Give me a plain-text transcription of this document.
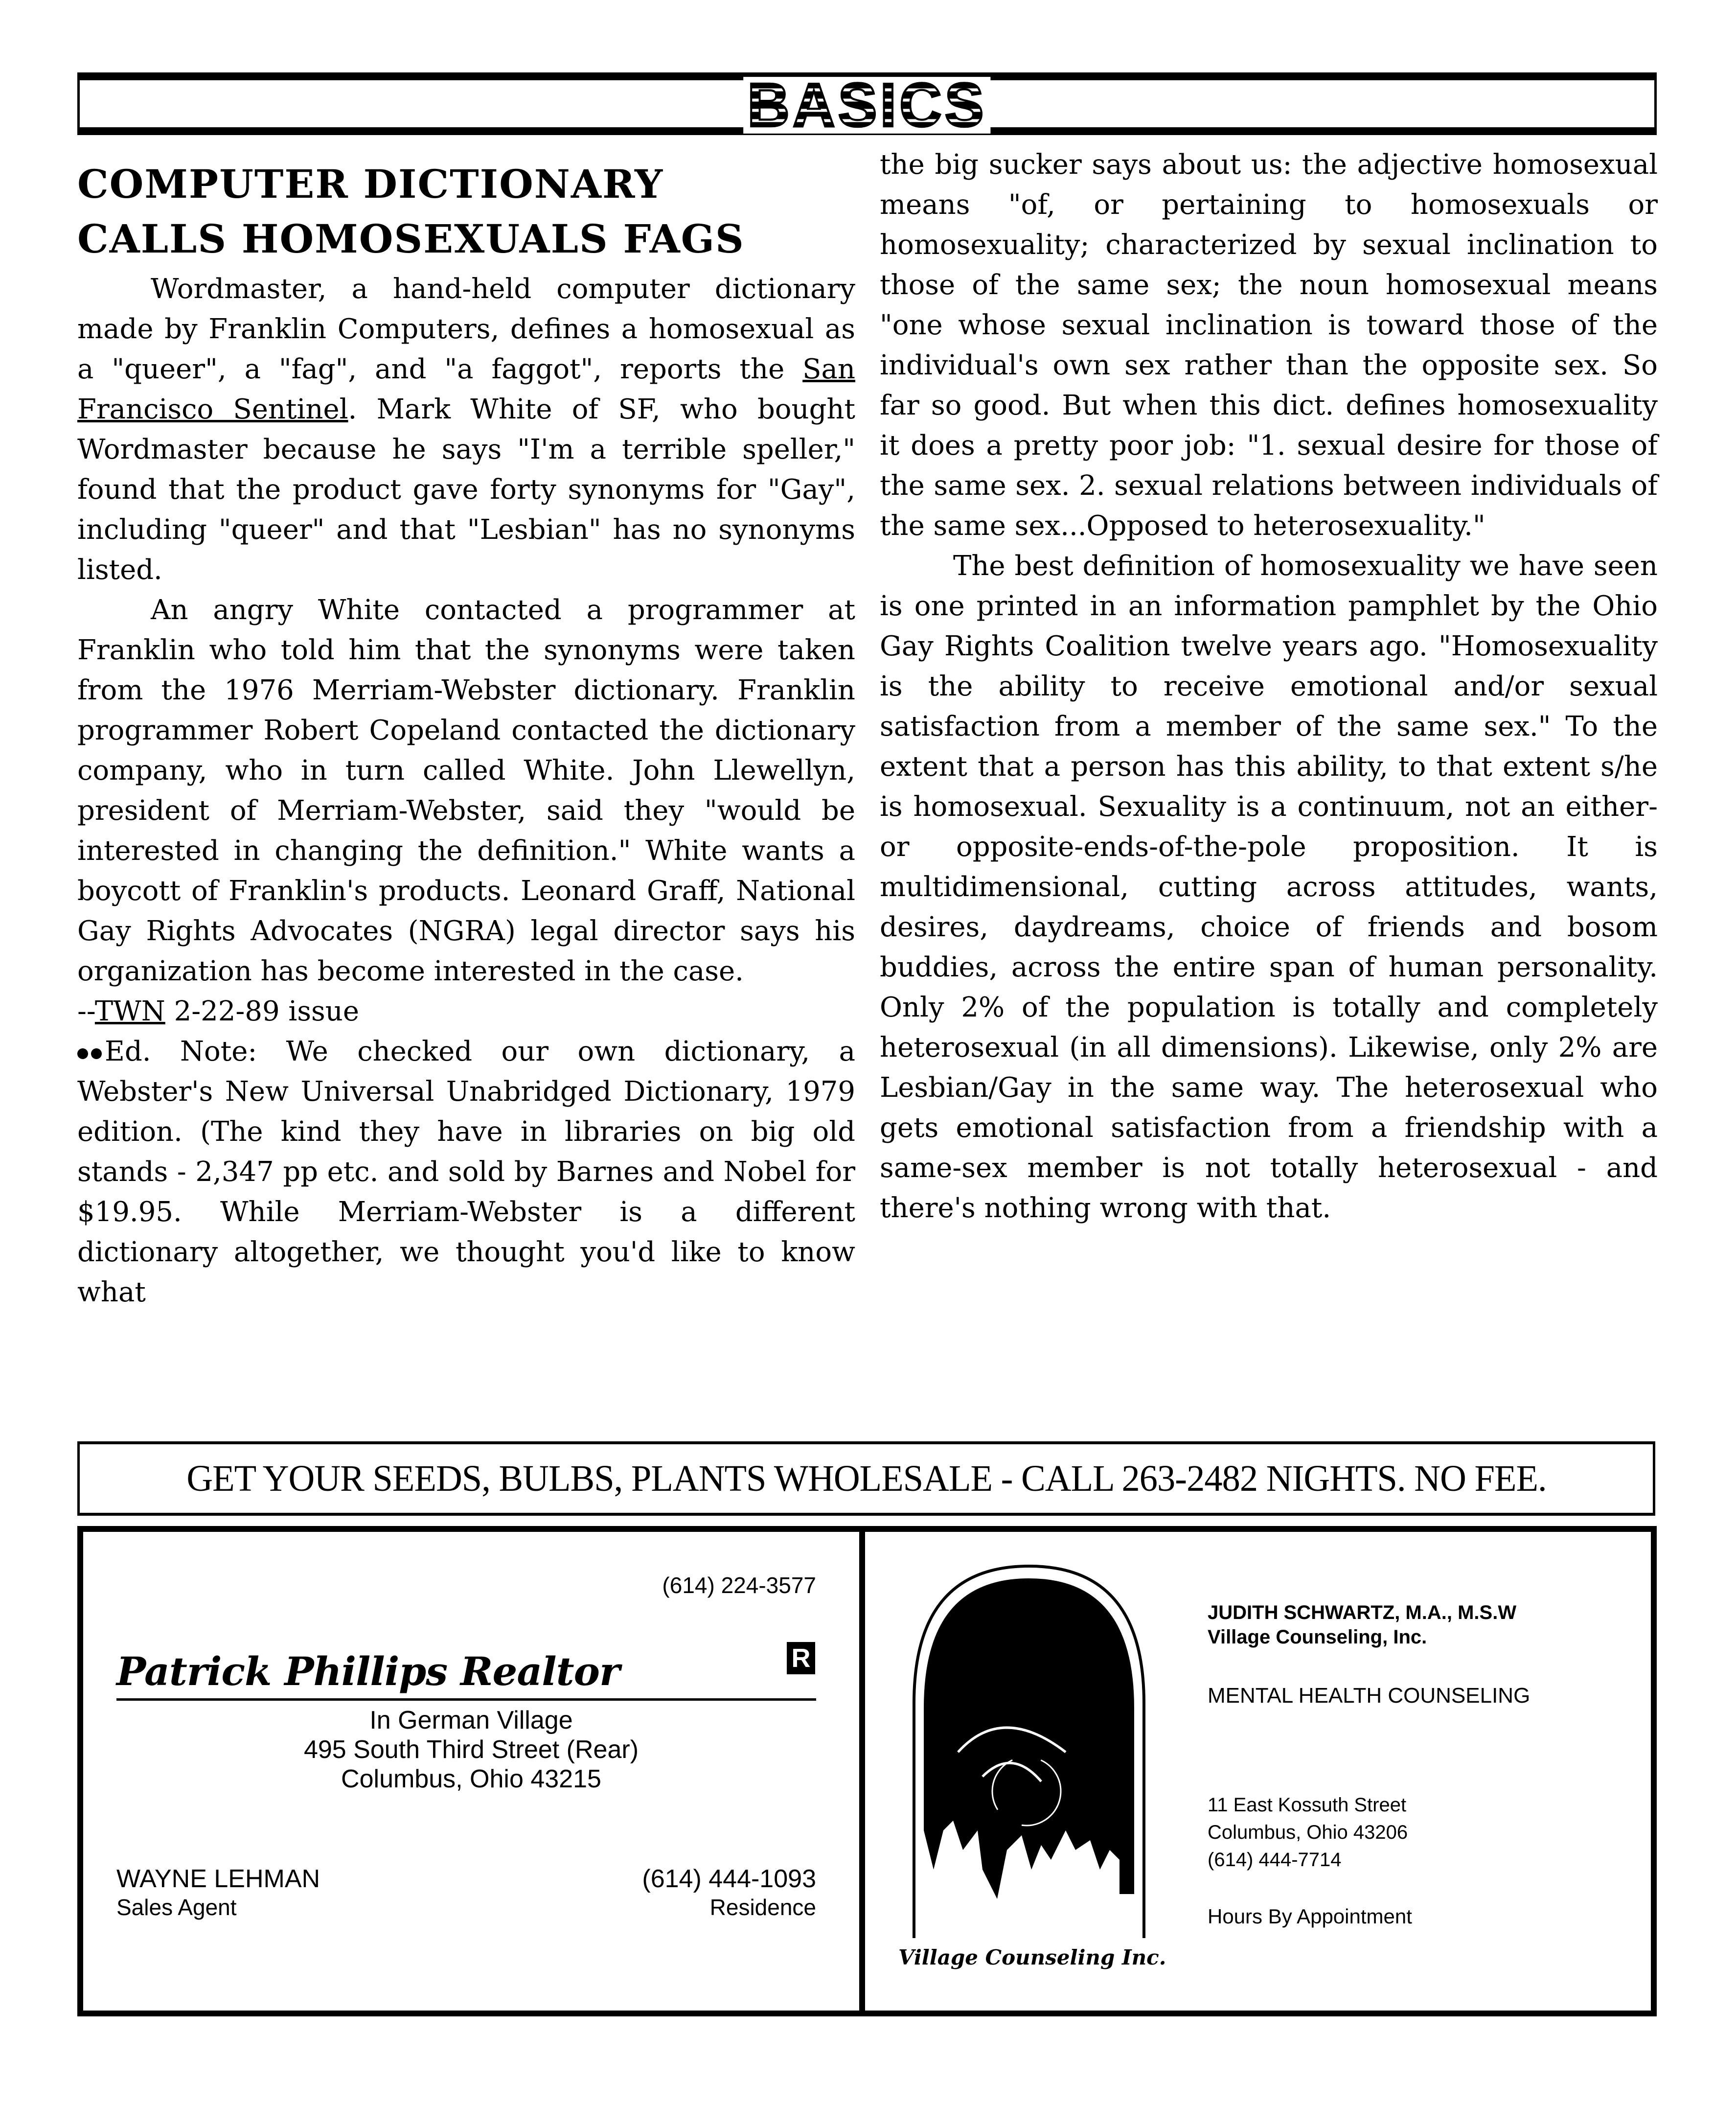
BASICS
COMPUTER DICTIONARY
CALLS HOMOSEXUALS FAGS

Wordmaster, a hand-held computer dictionary made by Franklin Computers, defines a homosexual as a "queer", a "fag", and "a faggot", reports the San Francisco Sentinel. Mark White of SF, who bought Wordmaster because he says "I'm a terrible speller," found that the product gave forty synonyms for "Gay", including "queer" and that "Lesbian" has no synonyms listed.

An angry White contacted a programmer at Franklin who told him that the synonyms were taken from the 1976 Merriam-Webster dictionary. Franklin programmer Robert Copeland contacted the dictionary company, who in turn called White. John Llewellyn, president of Merriam-Webster, said they "would be interested in changing the definition." White wants a boycott of Franklin's products. Leonard Graff, National Gay Rights Advocates (NGRA) legal director says his organization has become interested in the case.

--TWN 2-22-89 issue

Ed. Note: We checked our own dictionary, a Webster's New Universal Unabridged Dictionary, 1979 edition. (The kind they have in libraries on big old stands - 2,347 pp etc. and sold by Barnes and Nobel for $19.95. While Merriam-Webster is a different dictionary altogether, we thought you'd like to know what

the big sucker says about us: the adjective homosexual means "of, or pertaining to homosexuals or homosexuality; characterized by sexual inclination to those of the same sex; the noun homosexual means "one whose sexual inclination is toward those of the individual's own sex rather than the opposite sex. So far so good. But when this dict. defines homosexuality it does a pretty poor job: "1. sexual desire for those of the same sex. 2. sexual relations between individuals of the same sex...Opposed to heterosexuality."

The best definition of homosexuality we have seen is one printed in an information pamphlet by the Ohio Gay Rights Coalition twelve years ago. "Homosexuality is the ability to receive emotional and/or sexual satisfaction from a member of the same sex." To the extent that a person has this ability, to that extent s/he is homosexual. Sexuality is a continuum, not an either-or opposite-ends-of-the-pole proposition. It is multidimensional, cutting across attitudes, wants, desires, daydreams, choice of friends and bosom buddies, across the entire span of human personality. Only 2% of the population is totally and completely heterosexual (in all dimensions). Likewise, only 2% are Lesbian/Gay in the same way. The heterosexual who gets emotional satisfaction from a friendship with a same-sex member is not totally heterosexual - and there's nothing wrong with that.

GET YOUR SEEDS, BULBS, PLANTS WHOLESALE - CALL 263-2482 NIGHTS. NO FEE.
(614) 224-3577
Patrick Phillips Realtor	R
In German Village
495 South Third Street (Rear)
Columbus, Ohio 43215
WAYNE LEHMAN
Sales Agent
(614) 444-1093
Residence
Village Counseling Inc.
JUDITH SCHWARTZ, M.A., M.S.W
Village Counseling, Inc.
MENTAL HEALTH COUNSELING
11 East Kossuth Street
Columbus, Ohio 43206
(614) 444-7714
Hours By Appointment
